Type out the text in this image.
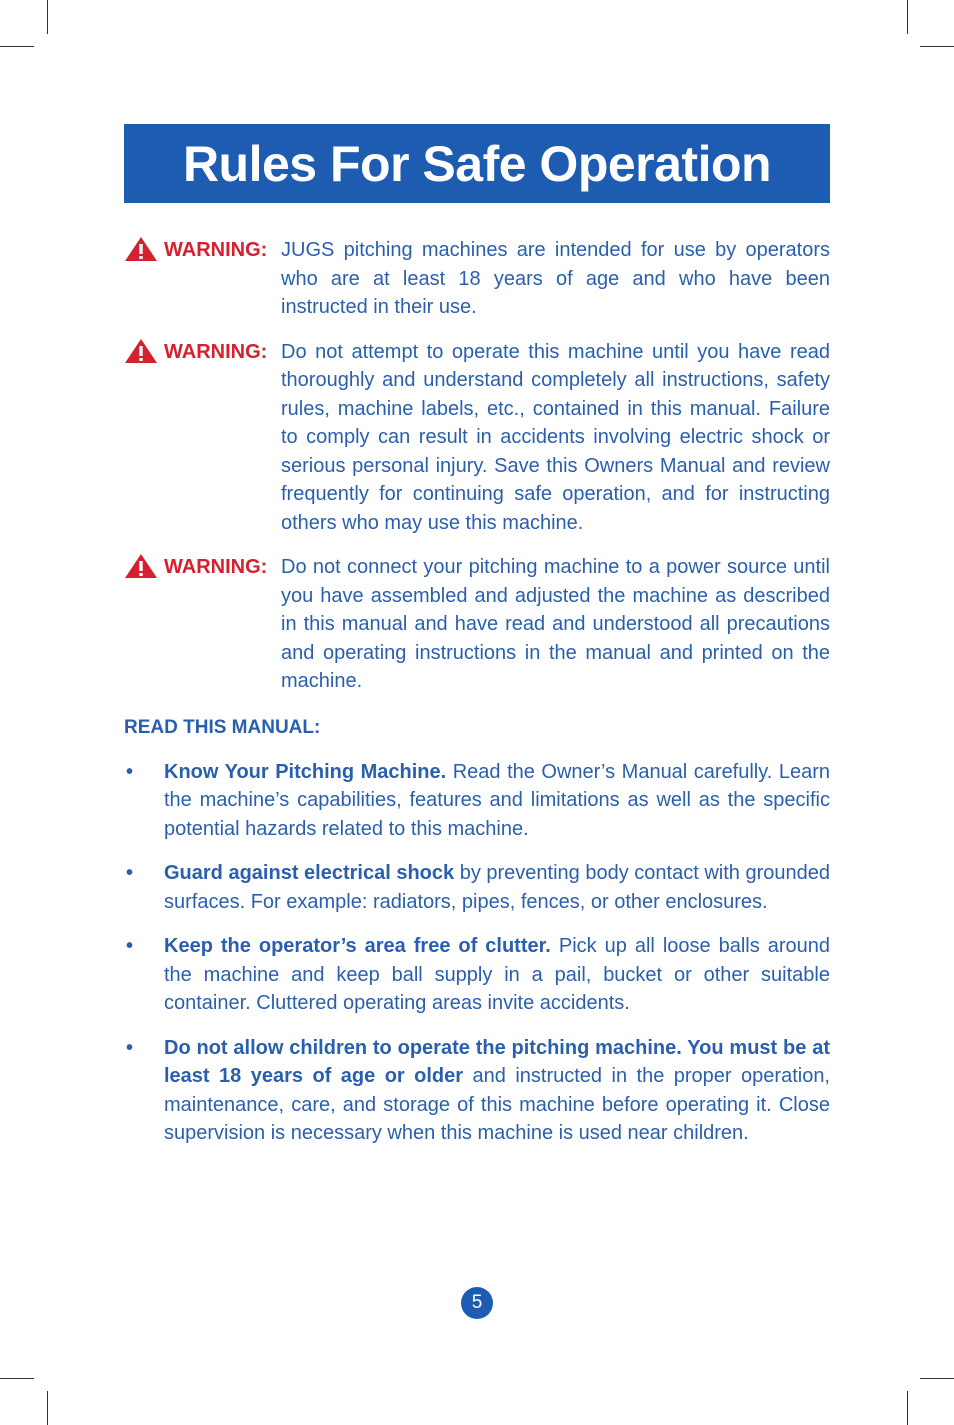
Rules For Safe Operation
WARNING: JUGS pitching machines are intended for use by operators who are at least 18 years of age and who have been instructed in their use.
WARNING: Do not attempt to operate this machine until you have read thoroughly and understand completely all instructions, safety rules, machine labels, etc., contained in this manual. Failure to comply can result in accidents involving electric shock or serious personal injury. Save this Owners Manual and review frequently for continuing safe operation, and for instructing others who may use this machine.
WARNING: Do not connect your pitching machine to a power source until you have assembled and adjusted the machine as described in this manual and have read and understood all precautions and operating instructions in the manual and printed on the machine.
READ THIS MANUAL:
•	Know Your Pitching Machine. Read the Owner’s Manual carefully. Learn the machine’s capabilities, features and limitations as well as the specific potential hazards related to this machine.
•	Guard against electrical shock by preventing body contact with grounded surfaces. For example: radiators, pipes, fences, or other enclosures.
•	Keep the operator’s area free of clutter. Pick up all loose balls around the machine and keep ball supply in a pail, bucket or other suitable container. Cluttered operating areas invite accidents.
•	Do not allow children to operate the pitching machine. You must be at least 18 years of age or older and instructed in the proper operation, maintenance, care, and storage of this machine before operating it. Close supervision is necessary when this machine is used near children.
5
